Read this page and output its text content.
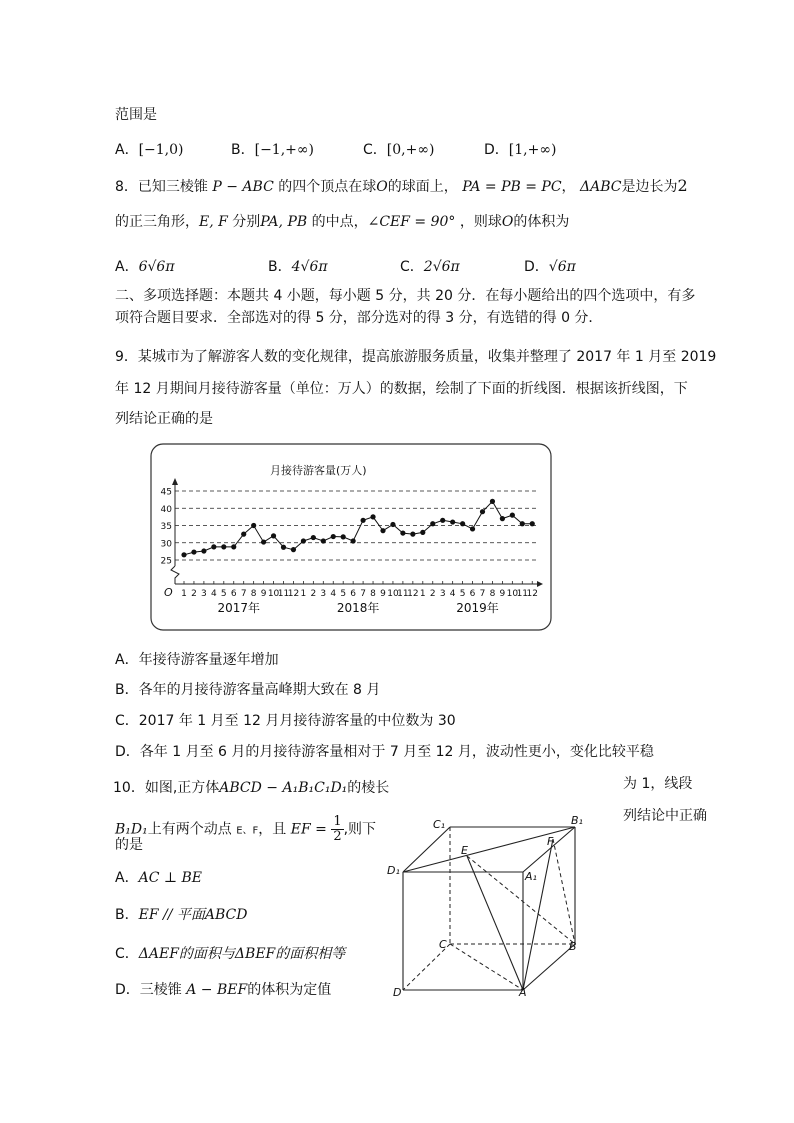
范围是
A．[−1,0)	B．[−1,+∞)	C．[0,+∞)	D．[1,+∞)
8．已知三棱锥 P − ABC 的四个顶点在球O的球面上， PA = PB = PC， ΔABC是边长为2
的正三角形，E, F 分别PA, PB 的中点，∠CEF = 90° ，则球O的体积为
A．6√6π	B．4√6π	C．2√6π	D．√6π
二、多项选择题：本题共 4 小题，每小题 5 分，共 20 分．在每小题给出的四个选项中，有多
项符合题目要求．全部选对的得 5 分，部分选对的得 3 分，有选错的得 0 分．
9．某城市为了解游客人数的变化规律，提高旅游服务质量，收集并整理了 2017 年 1 月至 2019
年 12 月期间月接待游客量（单位：万人）的数据，绘制了下面的折线图．根据该折线图，下
列结论正确的是
月接待游客量(万人)
O
25
30
35
40
45
1 2 3 4 5 6 7 8 9 10
11
12 1 2 3 4 5 6 7 8 9 10
11
12 1 2 3 4 5 6 7 8 9 10
11
12
2017年	2018年	2019年
A．年接待游客量逐年增加
B．各年的月接待游客量高峰期大致在 8 月
C．2017 年 1 月至 12 月月接待游客量的中位数为 30
D．各年 1 月至 6 月的月接待游客量相对于 7 月至 12 月，波动性更小，变化比较平稳
10．如图,正方体ABCD − A₁B₁C₁D₁的棱长	为 1，线段
B₁D₁上有两个动点 E、F，且 EF = $\frac{1}{2}$ ,则下
列结论中正确
的是
A．AC ⊥ BE
B．EF // 平面ABCD
C．ΔAEF的面积与ΔBEF的面积相等
D．三棱锥 A − BEF的体积为定值
C₁	B₁
D₁	A₁
E
F
C	B
D	A
